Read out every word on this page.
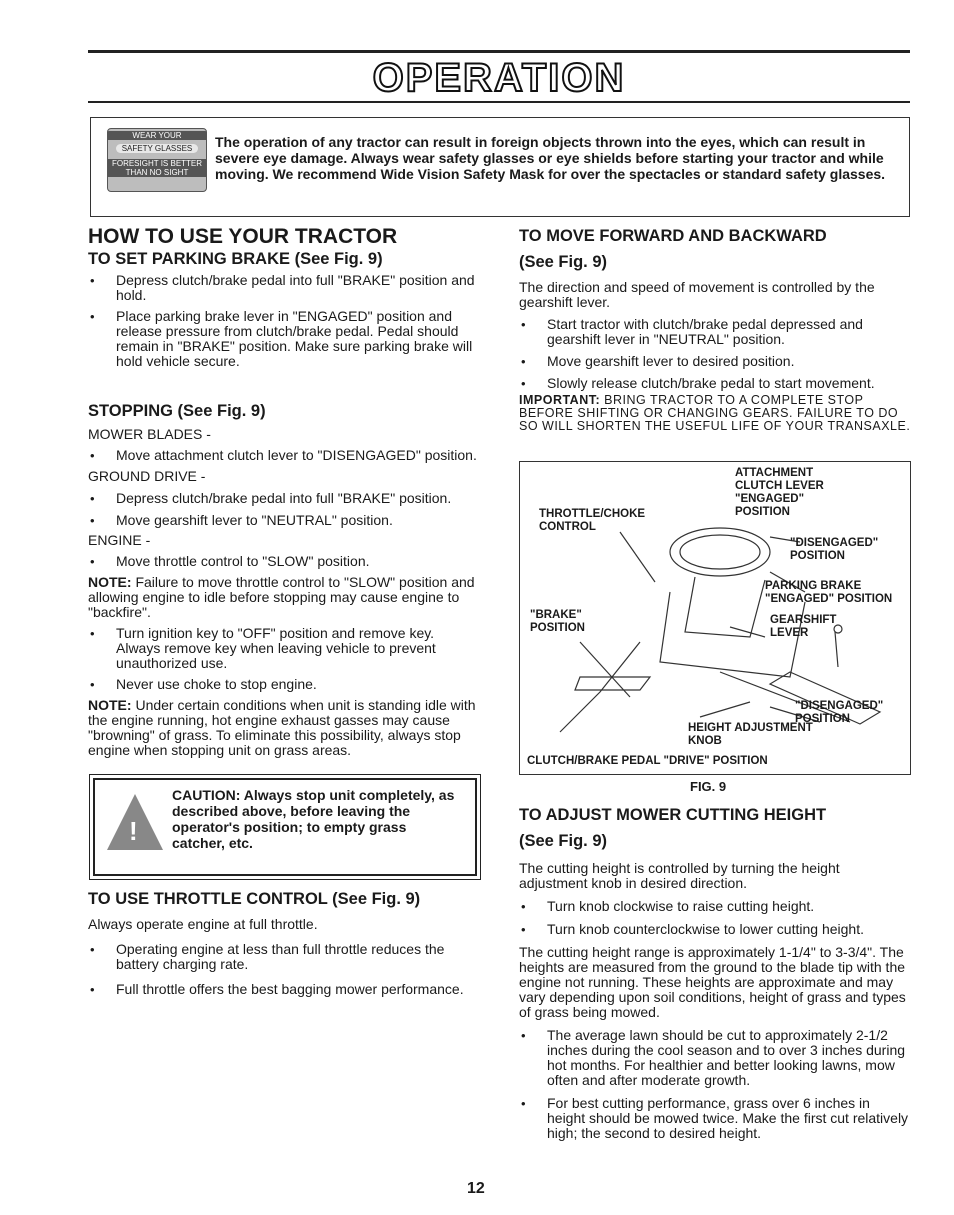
OPERATION
WEAR YOUR
SAFETY GLASSES
FORESIGHT IS BETTER THAN NO SIGHT
The operation of any tractor can result in foreign objects thrown into the eyes, which can result in severe eye damage. Always wear safety glasses or eye shields before starting your tractor and while moving. We recommend Wide Vision Safety Mask for over the spectacles or standard safety glasses.
HOW TO USE YOUR TRACTOR
TO SET PARKING BRAKE (See Fig. 9)
• Depress clutch/brake pedal into full "BRAKE" position and hold.
• Place parking brake lever in "ENGAGED" position and release pressure from clutch/brake pedal. Pedal should remain in "BRAKE" position. Make sure parking brake will hold vehicle secure.
STOPPING (See Fig. 9)
MOWER BLADES -
• Move attachment clutch lever to "DISENGAGED" position.
GROUND DRIVE -
• Depress clutch/brake pedal into full "BRAKE" position.
• Move gearshift lever to "NEUTRAL" position.
ENGINE -
• Move throttle control to "SLOW" position.
NOTE: Failure to move throttle control to "SLOW" position and allowing engine to idle before stopping may cause engine to "backfire".
• Turn ignition key to "OFF" position and remove key. Always remove key when leaving vehicle to prevent unauthorized use.
• Never use choke to stop engine.
NOTE: Under certain conditions when unit is standing idle with the engine running, hot engine exhaust gasses may cause "browning" of grass. To eliminate this possibility, always stop engine when stopping unit on grass areas.
!
CAUTION: Always stop unit completely, as described above, before leaving the operator's position; to empty grass catcher, etc.
TO USE THROTTLE CONTROL (See Fig. 9)
Always operate engine at full throttle.
• Operating engine at less than full throttle reduces the battery charging rate.
• Full throttle offers the best bagging mower performance.
TO MOVE FORWARD AND BACKWARD
(See Fig. 9)
The direction and speed of movement is controlled by the gearshift lever.
• Start tractor with clutch/brake pedal depressed and gearshift lever in "NEUTRAL" position.
• Move gearshift lever to desired position.
• Slowly release clutch/brake pedal to start movement.
IMPORTANT: BRING TRACTOR TO A COMPLETE STOP BEFORE SHIFTING OR CHANGING GEARS. FAILURE TO DO SO WILL SHORTEN THE USEFUL LIFE OF YOUR TRANSAXLE.
ATTACHMENT CLUTCH LEVER "ENGAGED" POSITION
THROTTLE/CHOKE CONTROL
"DISENGAGED" POSITION
PARKING BRAKE "ENGAGED" POSITION
"BRAKE" POSITION
GEARSHIFT LEVER
"DISENGAGED" POSITION
HEIGHT ADJUSTMENT KNOB
CLUTCH/BRAKE PEDAL "DRIVE" POSITION
FIG. 9
TO ADJUST MOWER CUTTING HEIGHT
(See Fig. 9)
The cutting height is controlled by turning the height adjustment knob in desired direction.
• Turn knob clockwise to raise cutting height.
• Turn knob counterclockwise to lower cutting height.
The cutting height range is approximately 1-1/4" to 3-3/4". The heights are measured from the ground to the blade tip with the engine not running. These heights are approximate and may vary depending upon soil conditions, height of grass and types of grass being mowed.
• The average lawn should be cut to approximately 2-1/2 inches during the cool season and to over 3 inches during hot months. For healthier and better looking lawns, mow often and after moderate growth.
• For best cutting performance, grass over 6 inches in height should be mowed twice. Make the first cut relatively high; the second to desired height.
12
